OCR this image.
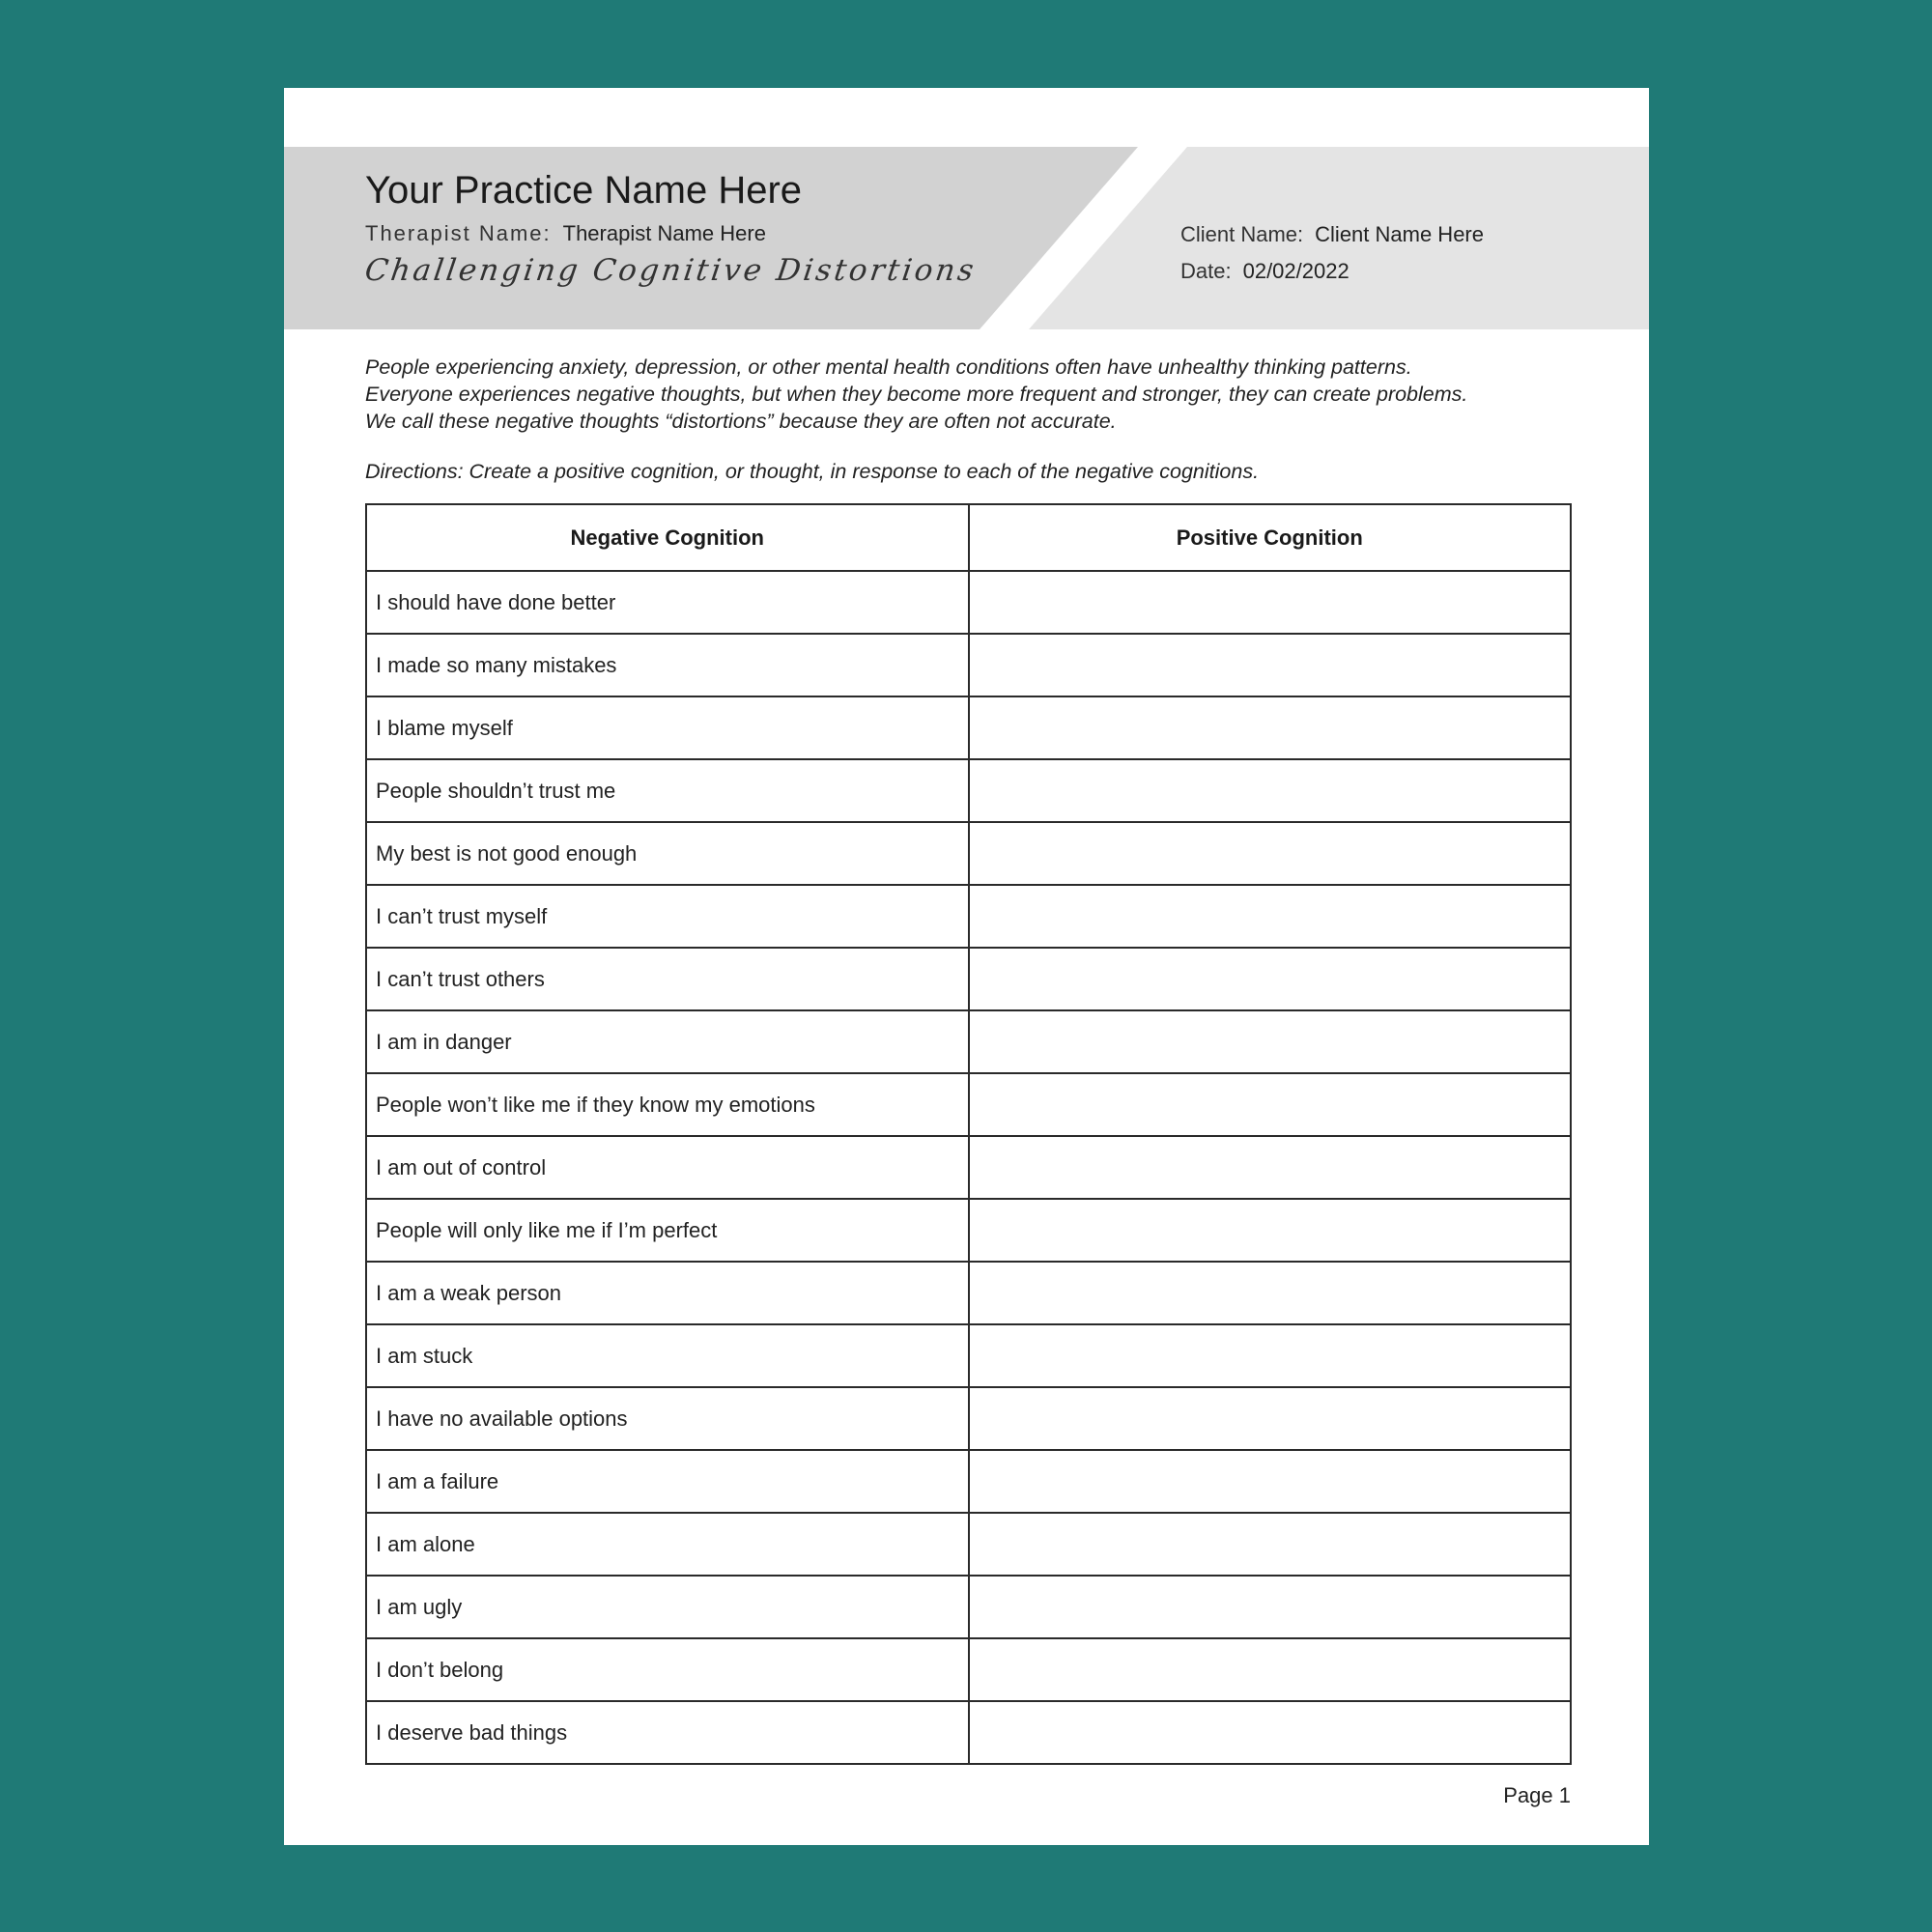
Your Practice Name Here
Therapist Name: Therapist Name Here
Challenging Cognitive Distortions
Client Name: Client Name Here
Date: 02/02/2022

People experiencing anxiety, depression, or other mental health conditions often have unhealthy thinking patterns.

Everyone experiences negative thoughts, but when they become more frequent and stronger, they can create problems.

We call these negative thoughts “distortions” because they are often not accurate.

Directions: Create a positive cognition, or thought, in response to each of the negative cognitions.
Negative Cognition	Positive Cognition
I should have done better	
I made so many mistakes	
I blame myself	
People shouldn’t trust me	
My best is not good enough	
I can’t trust myself	
I can’t trust others	
I am in danger	
People won’t like me if they know my emotions	
I am out of control	
People will only like me if I’m perfect	
I am a weak person	
I am stuck	
I have no available options	
I am a failure	
I am alone	
I am ugly	
I don’t belong	
I deserve bad things	
Page 1
